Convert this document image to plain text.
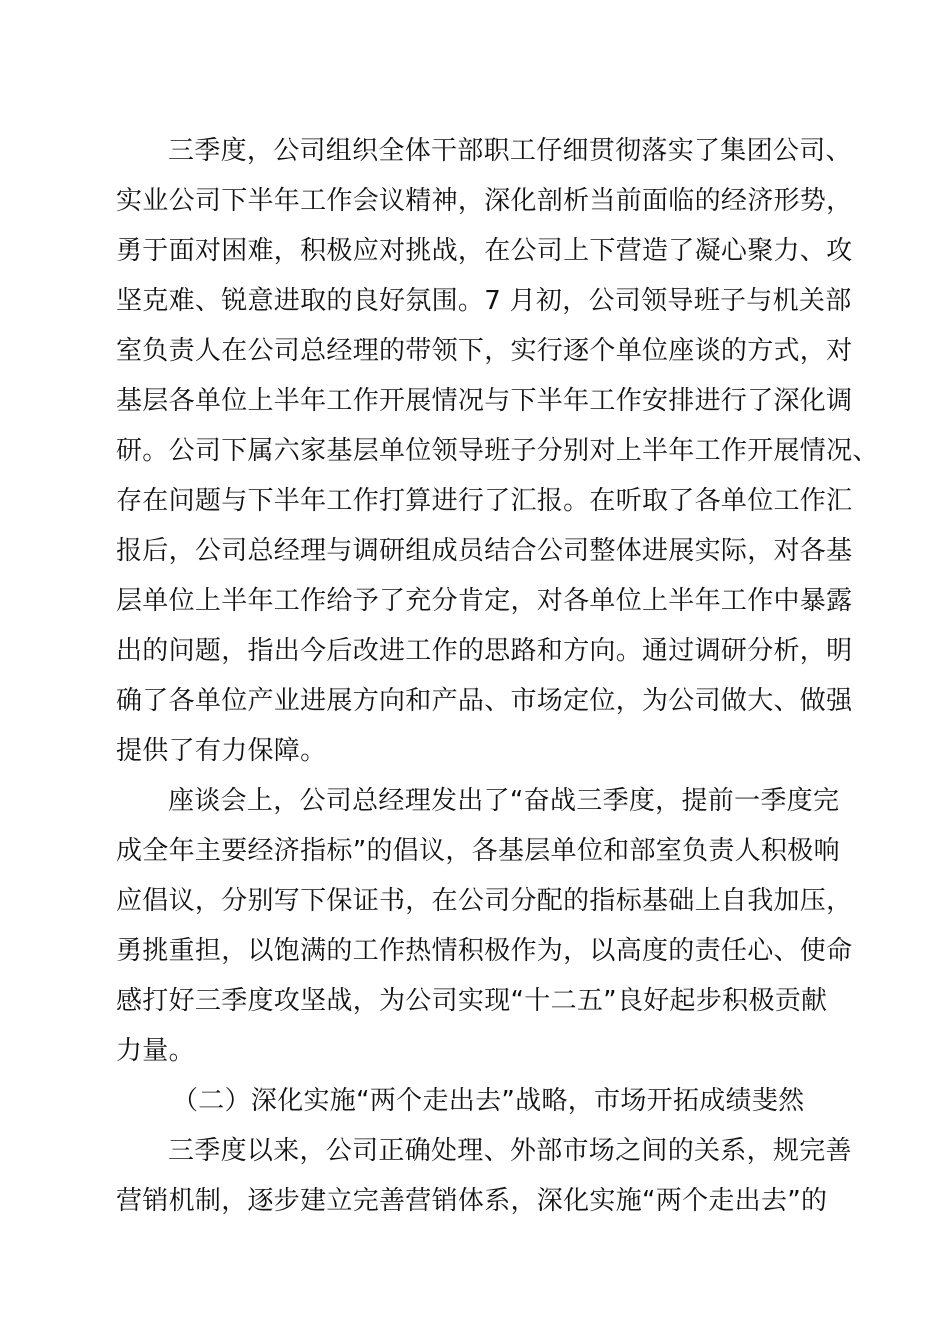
三季度，公司组织全体干部职工仔细贯彻落实了集团公司、
实业公司下半年工作会议精神，深化剖析当前面临的经济形势，
勇于面对困难，积极应对挑战，在公司上下营造了凝心聚力、攻
坚克难、锐意进取的良好氛围。7 月初，公司领导班子与机关部
室负责人在公司总经理的带领下，实行逐个单位座谈的方式，对
基层各单位上半年工作开展情况与下半年工作安排进行了深化调
研。公司下属六家基层单位领导班子分别对上半年工作开展情况、
存在问题与下半年工作打算进行了汇报。在听取了各单位工作汇
报后，公司总经理与调研组成员结合公司整体进展实际，对各基
层单位上半年工作给予了充分肯定，对各单位上半年工作中暴露
出的问题，指出今后改进工作的思路和方向。通过调研分析，明
确了各单位产业进展方向和产品、市场定位，为公司做大、做强
提供了有力保障。
座谈会上，公司总经理发出了“奋战三季度，提前一季度完
成全年主要经济指标”的倡议，各基层单位和部室负责人积极响
应倡议，分别写下保证书，在公司分配的指标基础上自我加压，
勇挑重担，以饱满的工作热情积极作为，以高度的责任心、使命
感打好三季度攻坚战，为公司实现“十二五”良好起步积极贡献
力量。
（二）深化实施“两个走出去”战略，市场开拓成绩斐然
三季度以来，公司正确处理、外部市场之间的关系，规完善
营销机制，逐步建立完善营销体系，深化实施“两个走出去”的
